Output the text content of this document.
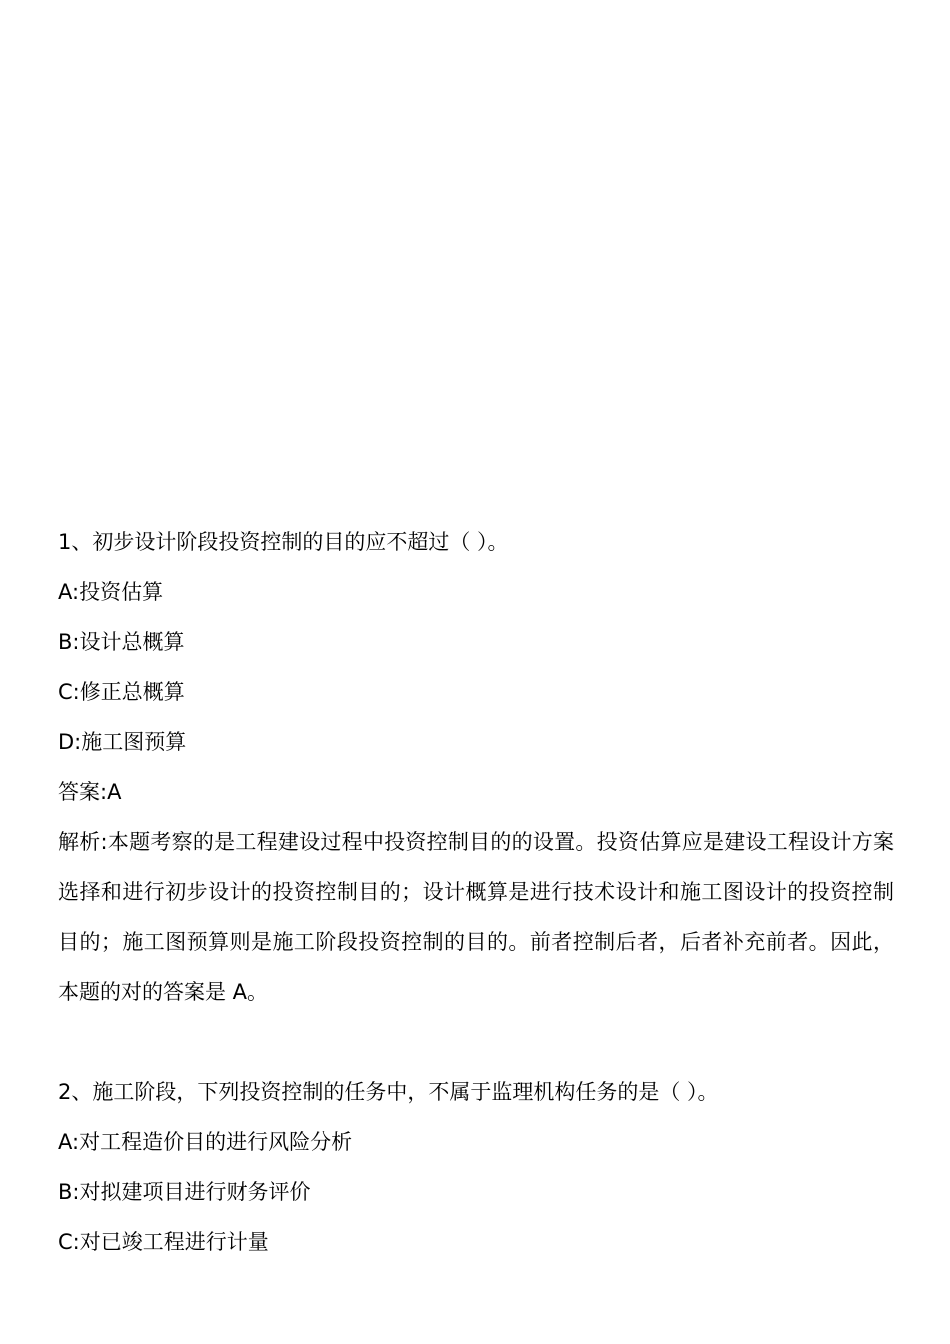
1、初步设计阶段投资控制的目的应不超过（ ）。
A:投资估算
B:设计总概算
C:修正总概算
D:施工图预算
答案:A

解析:本题考察的是工程建设过程中投资控制目的的设置。投资估算应是建设工程设计方案选择和进行初步设计的投资控制目的；设计概算是进行技术设计和施工图设计的投资控制目的；施工图预算则是施工阶段投资控制的目的。前者控制后者，后者补充前者。因此，本题的对的答案是 A。

2、施工阶段，下列投资控制的任务中，不属于监理机构任务的是（ ）。
A:对工程造价目的进行风险分析
B:对拟建项目进行财务评价
C:对已竣工程进行计量
